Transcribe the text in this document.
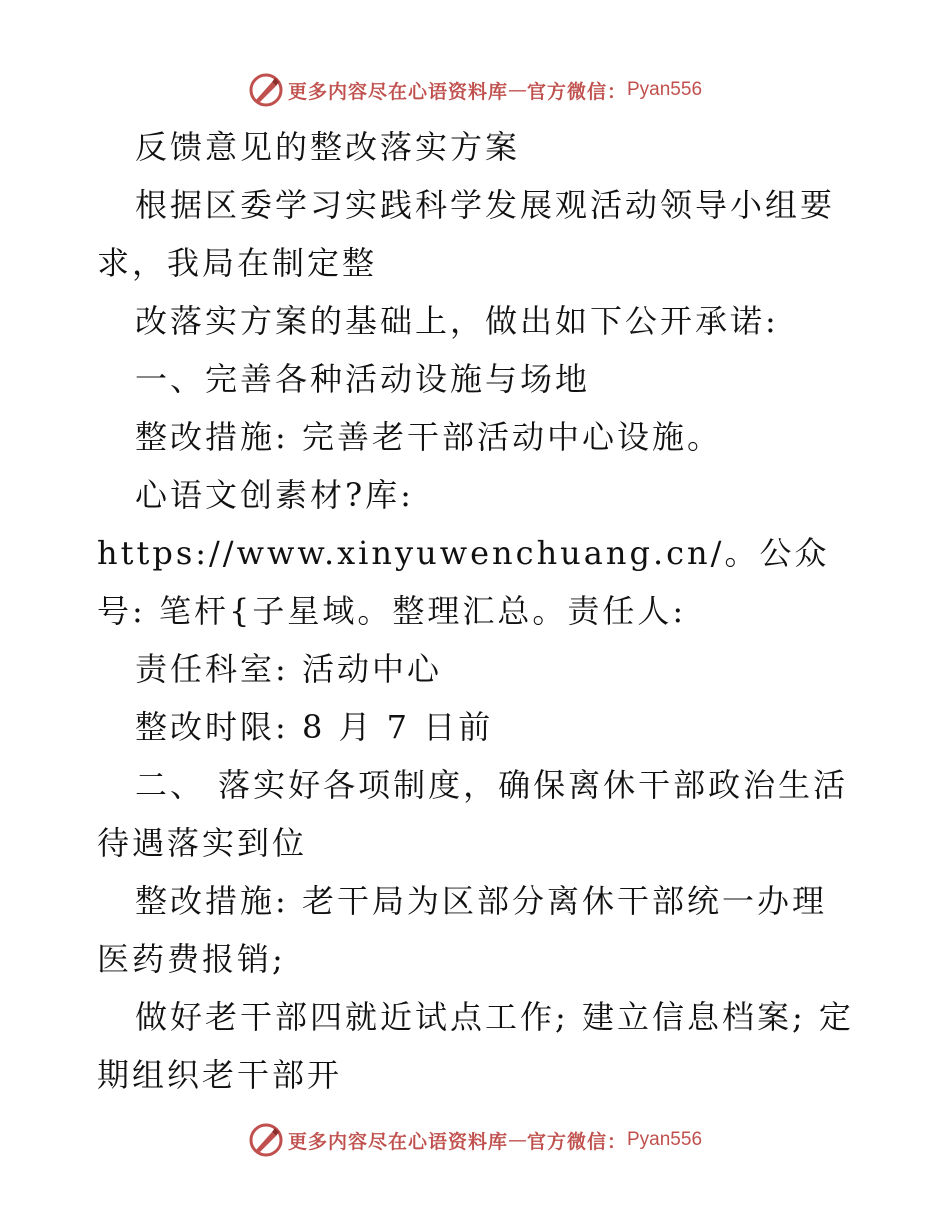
更多内容尽在心语资料库 — 官方微信： Pyan556

反馈意见的整改落实方案

根据区委学习实践科学发展观活动领导小组要求，我局在制定整

改落实方案的基础上，做出如下公开承诺:

一、完善各种活动设施与场地

整改措施: 完善老干部活动中心设施。

心语文创素材?库: https://www.xinyuwenchuang.cn/。公众号: 笔杆{子星域。整理汇总。责任人:

责任科室: 活动中心

整改时限: 8 月 7 日前

二、 落实好各项制度，确保离休干部政治生活待遇落实到位

整改措施: 老干局为区部分离休干部统一办理医药费报销;

做好老干部四就近试点工作; 建立信息档案; 定期组织老干部开

更多内容尽在心语资料库 — 官方微信： Pyan556
